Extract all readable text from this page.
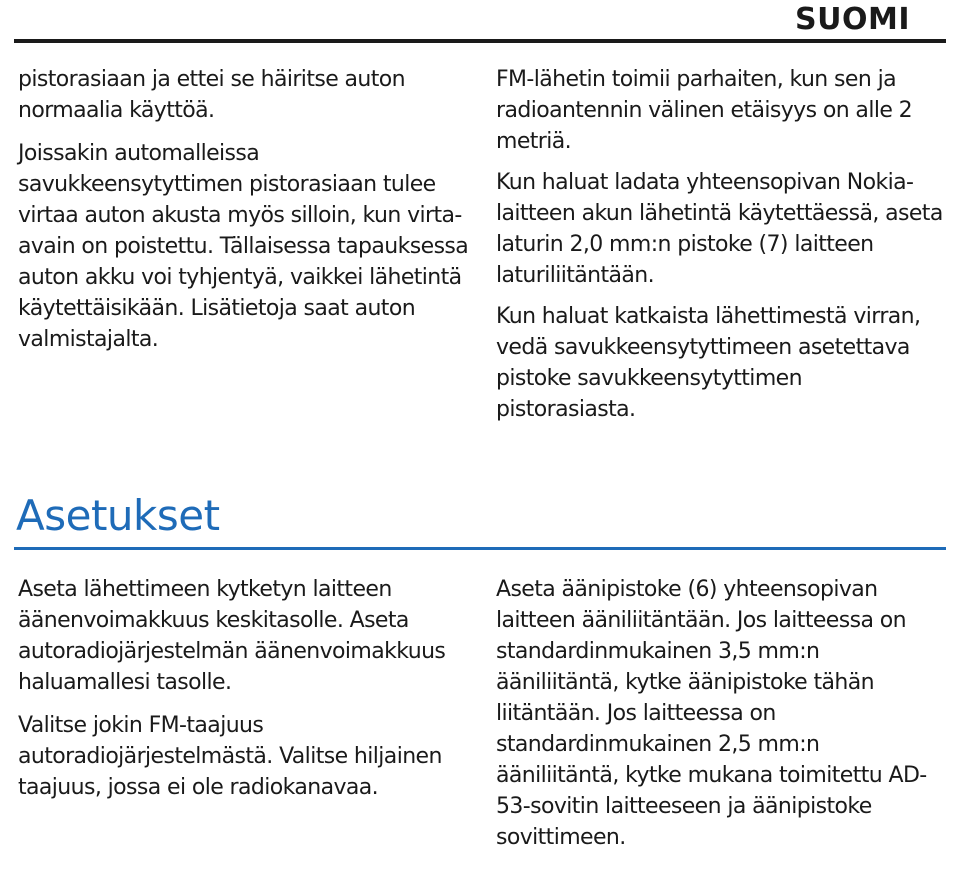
SUOMI

pistorasiaan ja ettei se häiritse auton normaalia käyttöä.

Joissakin automalleissa savukkeensytyttimen pistorasiaan tulee virtaa auton akusta myös silloin, kun virta-avain on poistettu. Tällaisessa tapauksessa auton akku voi tyhjentyä, vaikkei lähetintä käytettäisikään. Lisätietoja saat auton valmistajalta.

FM-lähetin toimii parhaiten, kun sen ja radioantennin välinen etäisyys on alle 2 metriä.

Kun haluat ladata yhteensopivan Nokia-laitteen akun lähetintä käytettäessä, aseta laturin 2,0 mm:n pistoke (7) laitteen laturiliitäntään.

Kun haluat katkaista lähettimestä virran, vedä savukkeensytyttimeen asetettava pistoke savukkeensytyttimen pistorasiasta.

Asetukset

Aseta lähettimeen kytketyn laitteen äänenvoimakkuus keskitasolle. Aseta autoradiojärjestelmän äänenvoimakkuus haluamallesi tasolle.

Valitse jokin FM-taajuus autoradiojärjestelmästä. Valitse hiljainen taajuus, jossa ei ole radiokanavaa.

Aseta äänipistoke (6) yhteensopivan laitteen ääniliitäntään. Jos laitteessa on standardinmukainen 3,5 mm:n ääniliitäntä, kytke äänipistoke tähän liitäntään. Jos laitteessa on standardinmukainen 2,5 mm:n ääniliitäntä, kytke mukana toimitettu AD-53-sovitin laitteeseen ja äänipistoke sovittimeen.
